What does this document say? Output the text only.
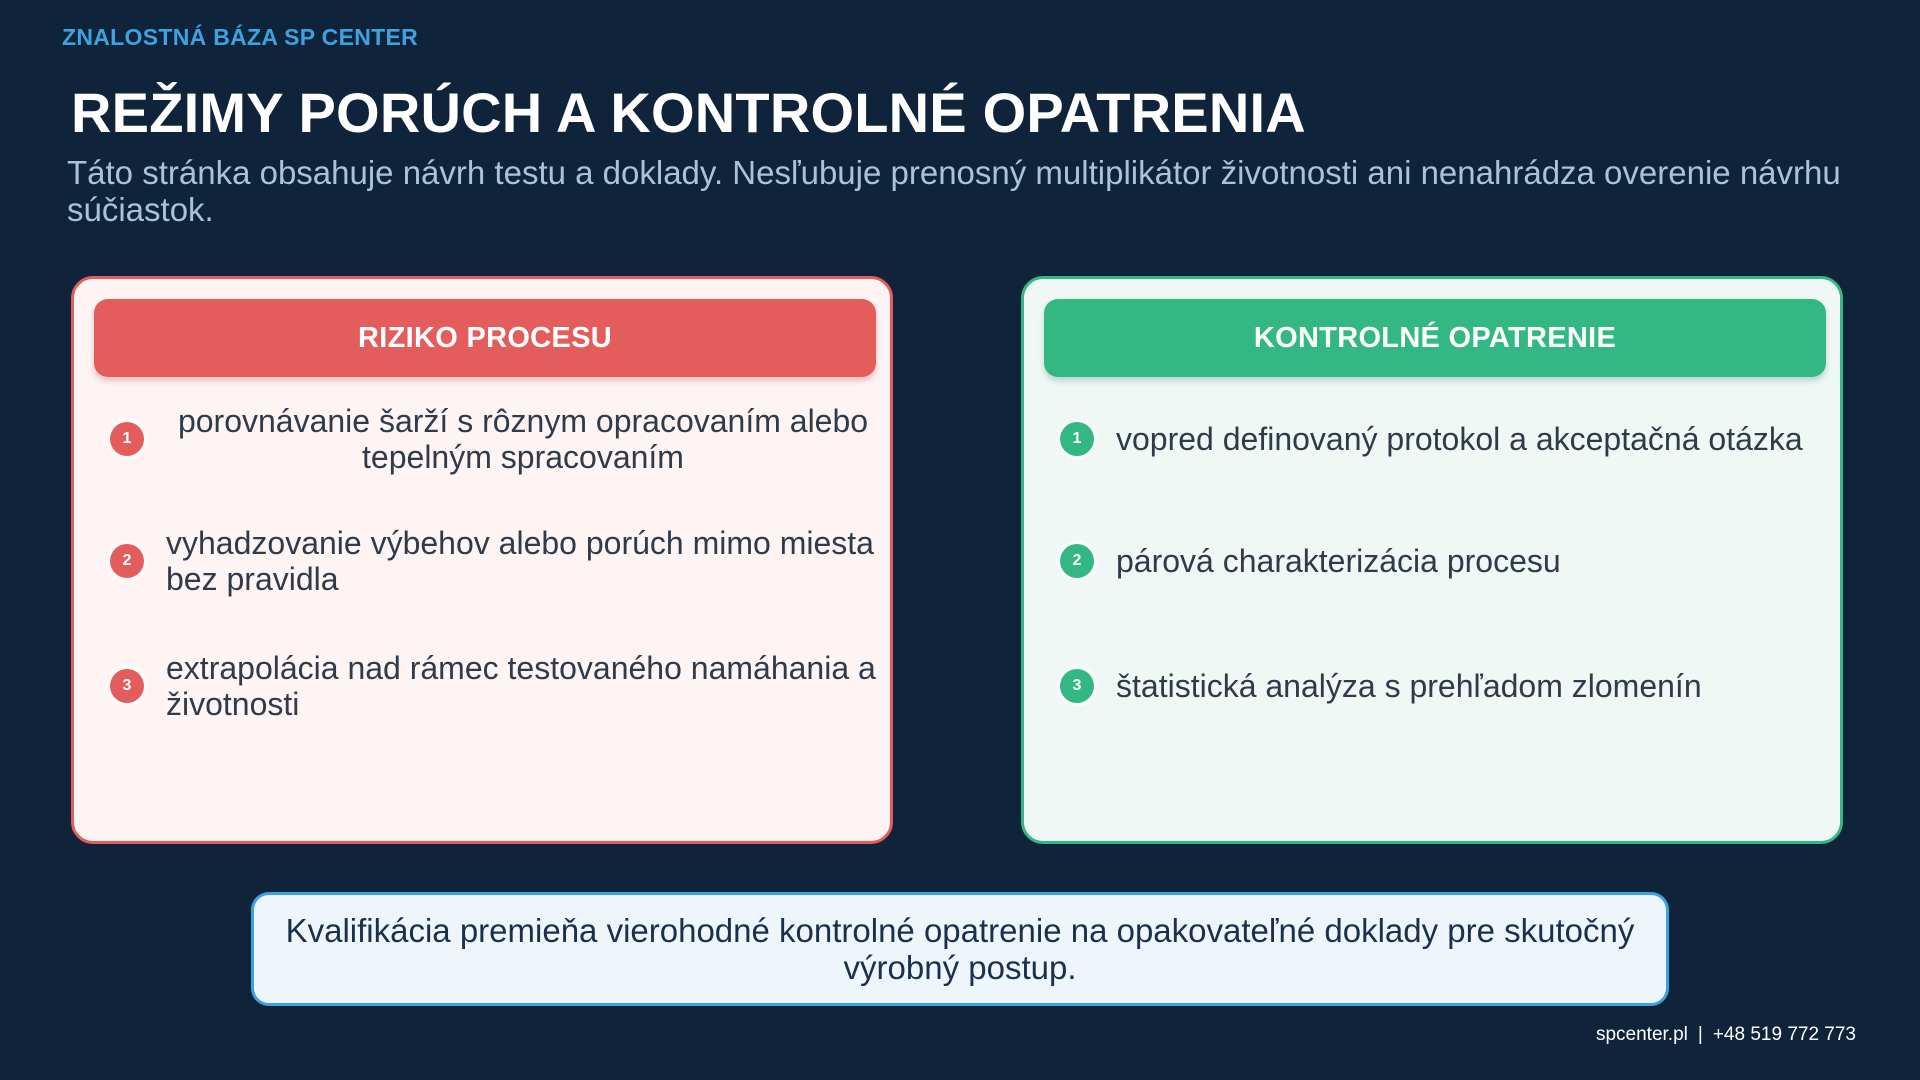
ZNALOSTNÁ BÁZA SP CENTER
REŽIMY PORÚCH A KONTROLNÉ OPATRENIA
Táto stránka obsahuje návrh testu a doklady. Nesľubuje prenosný multiplikátor životnosti ani nenahrádza overenie návrhu súčiastok.
RIZIKO PROCESU
1	porovnávanie šarží s rôznym opracovaním alebo tepelným spracovaním
2	vyhadzovanie výbehov alebo porúch mimo miesta bez pravidla
3	extrapolácia nad rámec testovaného namáhania a životnosti
KONTROLNÉ OPATRENIE
1	vopred definovaný protokol a akceptačná otázka
2	párová charakterizácia procesu
3	štatistická analýza s prehľadom zlomenín
Kvalifikácia premieňa vierohodné kontrolné opatrenie na opakovateľné doklady pre skutočný výrobný postup.
spcenter.pl | +48 519 772 773
